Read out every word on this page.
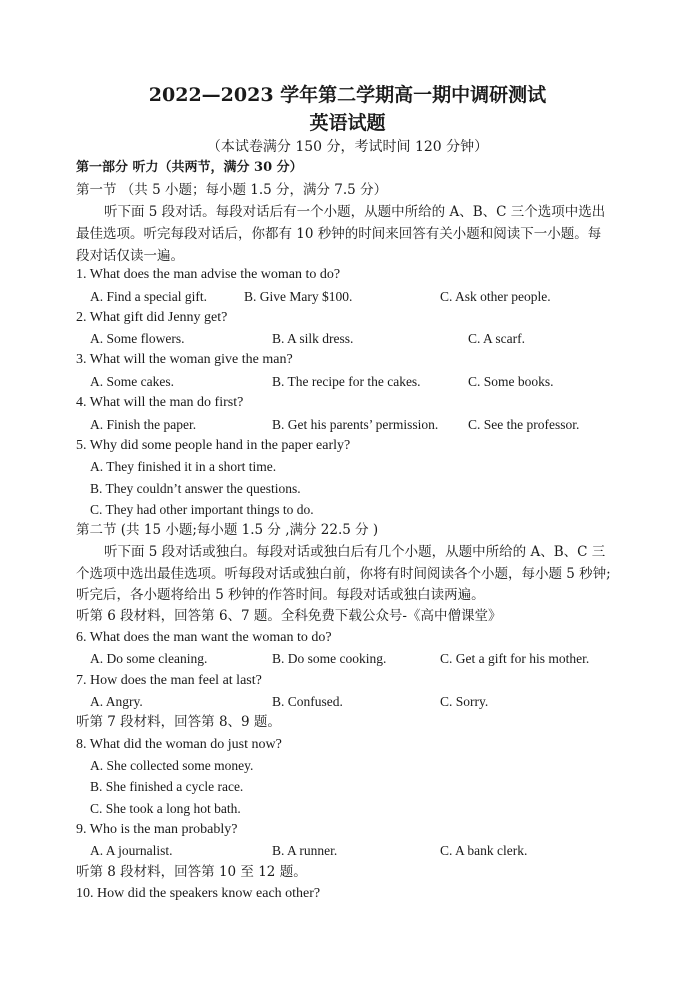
2022—2023 学年第二学期高一期中调研测试
英语试题
（本试卷满分 150 分，考试时间 120 分钟）
第一部分 听力（共两节，满分 30 分）
第一节 （共 5 小题；每小题 1.5 分，满分 7.5 分）
听下面 5 段对话。每段对话后有一个小题，从题中所给的 A、B、C 三个选项中选出
最佳选项。听完每段对话后，你都有 10 秒钟的时间来回答有关小题和阅读下一小题。每
段对话仅读一遍。
1. What does the man advise the woman to do?
A. Find a special gift.	B. Give Mary $100.	C. Ask other people.
2. What gift did Jenny get?
A. Some flowers.	B. A silk dress.	C. A scarf.
3. What will the woman give the man?
A. Some cakes.	B. The recipe for the cakes.	C. Some books.
4. What will the man do first?
A. Finish the paper.	B. Get his parents’ permission. C. See the professor.
5. Why did some people hand in the paper early?
A. They finished it in a short time.
B. They couldn’t answer the questions.
C. They had other important things to do.
第二节 (共 15 小题;每小题 1.5 分 ,满分 22.5 分 )
听下面 5 段对话或独白。每段对话或独白后有几个小题，从题中所给的 A、B、C 三
个选项中选出最佳选项。听每段对话或独白前，你将有时间阅读各个小题，每小题 5 秒钟;
听完后，各小题将给出 5 秒钟的作答时间。每段对话或独白读两遍。
听第 6 段材料，回答第 6、7 题。全科免费下载公众号-《高中僧课堂》
6. What does the man want the woman to do?
A. Do some cleaning.	B. Do some cooking.	C. Get a gift for his mother.
7. How does the man feel at last?
A. Angry.	B. Confused.	C. Sorry.
听第 7 段材料，回答第 8、9 题。
8. What did the woman do just now?
A. She collected some money.
B. She finished a cycle race.
C. She took a long hot bath.
9. Who is the man probably?
A. A journalist.	B. A runner.	C. A bank clerk.
听第 8 段材料，回答第 10 至 12 题。
10. How did the speakers know each other?
